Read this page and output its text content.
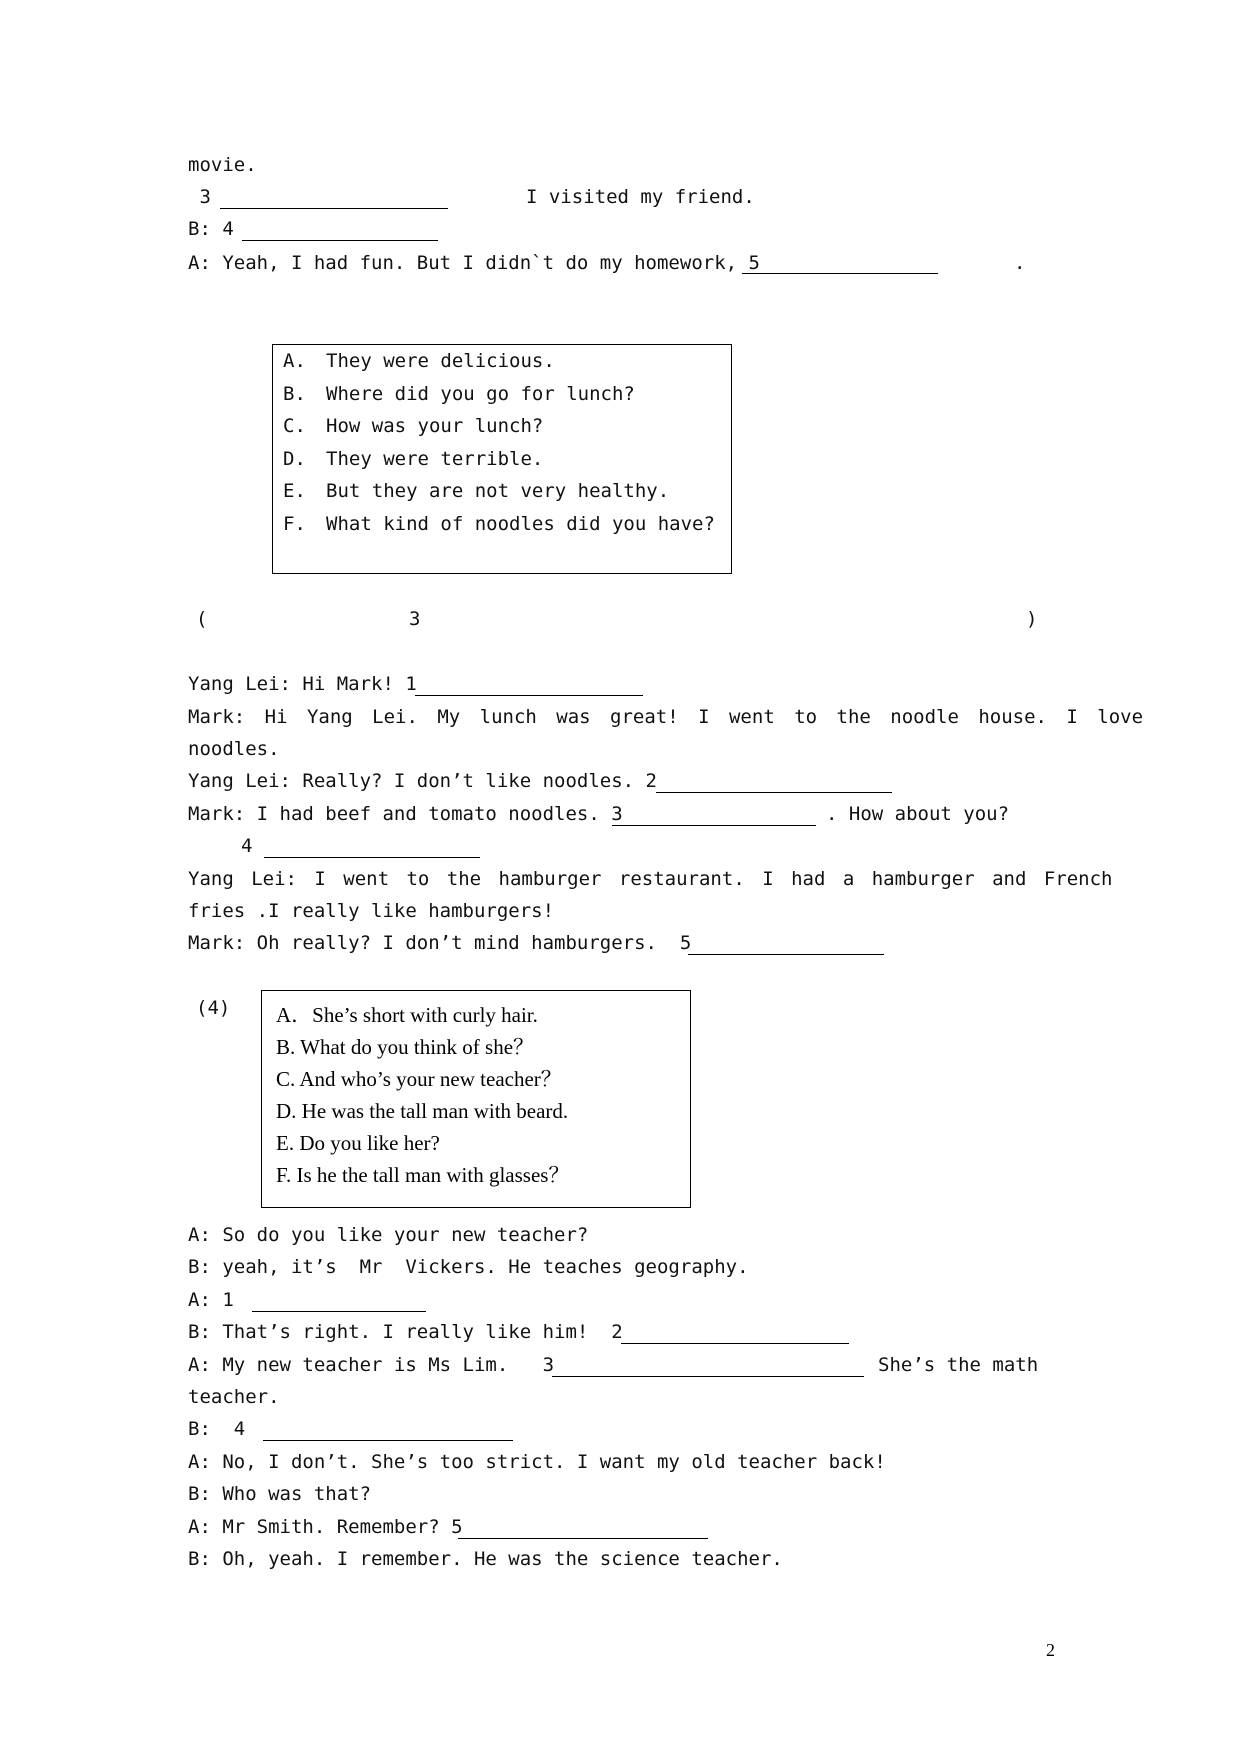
movie.
3	I visited my friend.
B: 4
A: Yeah, I had fun. But I didn`t do my homework, 5	.
A. They were delicious.
B. Where did you go for lunch?
C. How was your lunch?
D. They were terrible.
E. But they are not very healthy.
F. What kind of noodles did you have?
(	3	)
Yang Lei: Hi Mark! 1
Mark: Hi Yang Lei. My lunch was great! I went to the noodle house. I love
noodles.
Yang Lei: Really? I don’t like noodles. 2
Mark: I had beef and tomato noodles. 3	. How about you?
4
Yang Lei: I went to the hamburger restaurant. I had a hamburger and French
fries .I really like hamburgers!
Mark: Oh really? I don’t mind hamburgers.  5
(4)	A．She’s short with curly hair.
B. What do you think of she？
C. And who’s your new teacher？
D. He was the tall man with beard.
E. Do you like her?
F. Is he the tall man with glasses？
A: So do you like your new teacher?
B: yeah, it’s  Mr  Vickers. He teaches geography.
A: 1
B: That’s right. I really like him!  2
A: My new teacher is Ms Lim.   3	She’s the math
teacher.
B:  4
A: No, I don’t. She’s too strict. I want my old teacher back!
B: Who was that?
A: Mr Smith. Remember? 5
B: Oh, yeah. I remember. He was the science teacher.
2
